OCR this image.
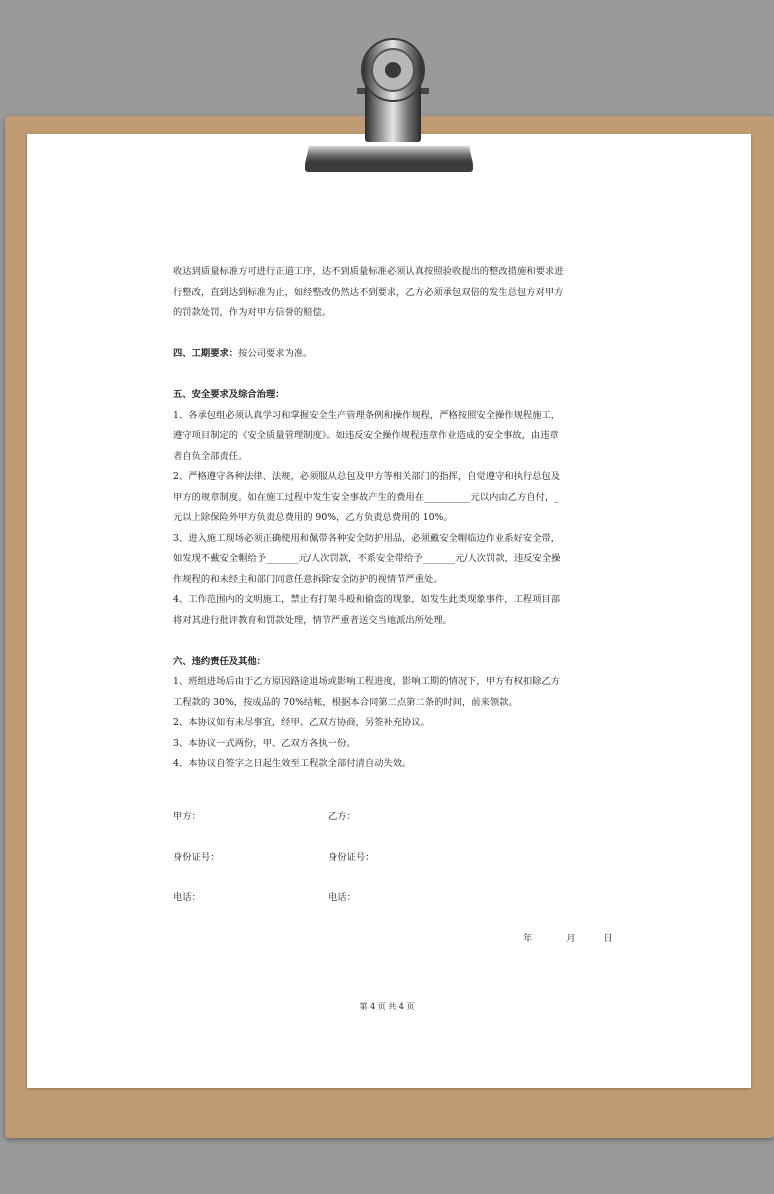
收达到质量标准方可进行正道工序，达不到质量标准必须认真按照验收提出的整改措施和要求进

行整改，直到达到标准为止，如经整改仍然达不到要求，乙方必须承包双倍的发生总包方对甲方

的罚款处罚，作为对甲方信誉的赔偿。

四、工期要求：按公司要求为准。

五、安全要求及综合治理：

1、各承包组必须认真学习和掌握安全生产管理条例和操作规程，严格按照安全操作规程施工，

遵守项目制定的《安全质量管理制度》。如违反安全操作规程违章作业造成的安全事故，由违章

者自负全部责任。

2、严格遵守各种法律、法规，必须服从总包及甲方等相关部门的指挥，自觉遵守和执行总包及

甲方的规章制度。如在施工过程中发生安全事故产生的费用在__________元以内由乙方自付，_

元以上除保险外甲方负责总费用的 90%，乙方负责总费用的 10%。

3、进入施工现场必须正确使用和佩带各种安全防护用品，必须戴安全帽临边作业系好安全带，

如发现不戴安全帽给予_______元/人次罚款，不系安全带给予_______元/人次罚款，违反安全操

作规程的和未经主和部门同意任意拆除安全防护的视情节严重处。

4、工作范围内的文明施工，禁止有打架斗殴和偷盗的现象，如发生此类现象事件，工程项目部

将对其进行批评教育和罚款处理，情节严重者送交当地派出所处理。

六、违约责任及其他：

1、班组进场后由于乙方原因路途退场或影响工程进度，影响工期的情况下，甲方有权扣除乙方

工程款的 30%，按成品的 70%结帐，根据本合同第二点第二条的时间，前来领款。

2、本协议如有未尽事宜，经甲、乙双方协商，另签补充协议。

3、本协议一式两份，甲、乙双方各执一份。

4、本协议自签字之日起生效至工程款全部付清自动失效。

甲方：	乙方：
身份证号：	身份证号：
电话：	电话：
年	月	日
第 4 页 共 4 页
